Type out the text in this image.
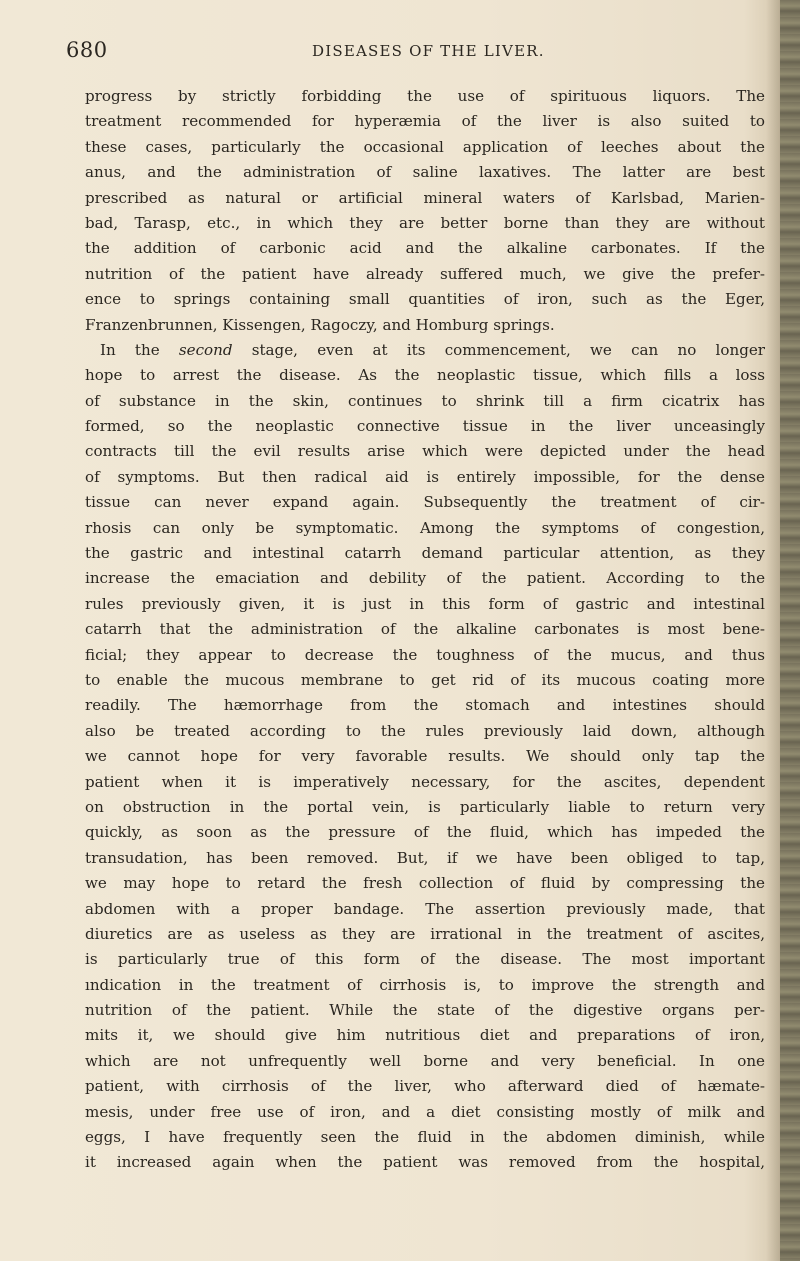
680	DISEASES OF THE LIVER.
progress by strictly forbidding the use of spirituous liquors. The
treatment recommended for hyperæmia of the liver is also suited to
these cases, particularly the occasional application of leeches about the
anus, and the administration of saline laxatives. The latter are best
prescribed as natural or artificial mineral waters of Karlsbad, Marien-
bad, Tarasp, etc., in which they are better borne than they are without
the addition of carbonic acid and the alkaline carbonates. If the
nutrition of the patient have already suffered much, we give the prefer-
ence to springs containing small quantities of iron, such as the Eger,
Franzenbrunnen, Kissengen, Ragoczy, and Homburg springs.
In the second stage, even at its commencement, we can no longer
hope to arrest the disease. As the neoplastic tissue, which fills a loss
of substance in the skin, continues to shrink till a firm cicatrix has
formed, so the neoplastic connective tissue in the liver unceasingly
contracts till the evil results arise which were depicted under the head
of symptoms. But then radical aid is entirely impossible, for the dense
tissue can never expand again. Subsequently the treatment of cir-
rhosis can only be symptomatic. Among the symptoms of congestion,
the gastric and intestinal catarrh demand particular attention, as they
increase the emaciation and debility of the patient. According to the
rules previously given, it is just in this form of gastric and intestinal
catarrh that the administration of the alkaline carbonates is most bene-
ficial; they appear to decrease the toughness of the mucus, and thus
to enable the mucous membrane to get rid of its mucous coating more
readily. The hæmorrhage from the stomach and intestines should
also be treated according to the rules previously laid down, although
we cannot hope for very favorable results. We should only tap the
patient when it is imperatively necessary, for the ascites, dependent
on obstruction in the portal vein, is particularly liable to return very
quickly, as soon as the pressure of the fluid, which has impeded the
transudation, has been removed. But, if we have been obliged to tap,
we may hope to retard the fresh collection of fluid by compressing the
abdomen with a proper bandage. The assertion previously made, that
diuretics are as useless as they are irrational in the treatment of ascites,
is particularly true of this form of the disease. The most important
ındication in the treatment of cirrhosis is, to improve the strength and
nutrition of the patient. While the state of the digestive organs per-
mits it, we should give him nutritious diet and preparations of iron,
which are not unfrequently well borne and very beneficial. In one
patient, with cirrhosis of the liver, who afterward died of hæmate-
mesis, under free use of iron, and a diet consisting mostly of milk and
eggs, I have frequently seen the fluid in the abdomen diminish, while
it increased again when the patient was removed from the hospital,
